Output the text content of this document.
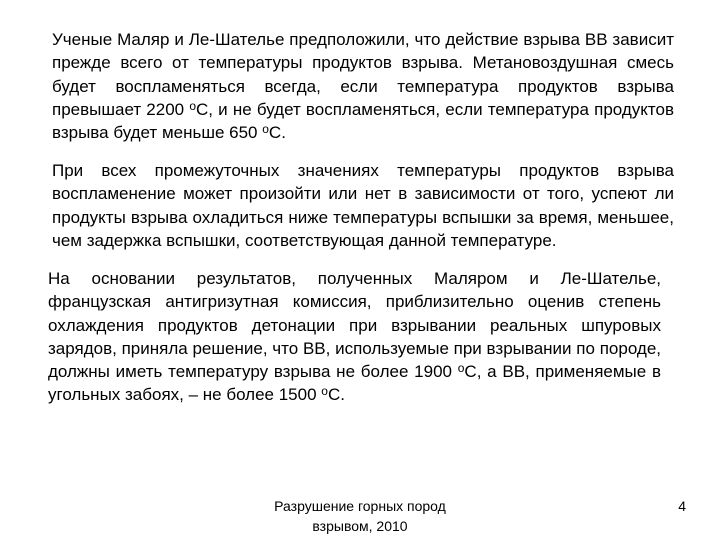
Ученые Маляр и Ле-Шателье предположили, что действие взрыва ВВ зависит прежде всего от температуры продуктов взрыва. Метановоздушная смесь будет воспламеняться всегда, если температура продуктов взрыва превышает 2200 $^o$С, и не будет воспламеняться, если температура продуктов взрыва будет меньше 650 $^o$С.

При всех промежуточных значениях температуры продуктов взрыва воспламенение может произойти или нет в зависимости от того, успеют ли продукты взрыва охладиться ниже температуры вспышки за время, меньшее, чем задержка вспышки, соответствующая данной температуре.

На основании результатов, полученных Маляром и Ле-Шателье, французская антигризутная комиссия, приблизительно оценив степень охлаждения продуктов детонации при взрывании реальных шпуровых зарядов, приняла решение, что ВВ, используемые при взрывании по породе, должны иметь температуру взрыва не более 1900 $^o$С, а ВВ, применяемые в угольных забоях, – не более 1500 $^o$С.

Разрушение горных пород
взрывом, 2010
4
